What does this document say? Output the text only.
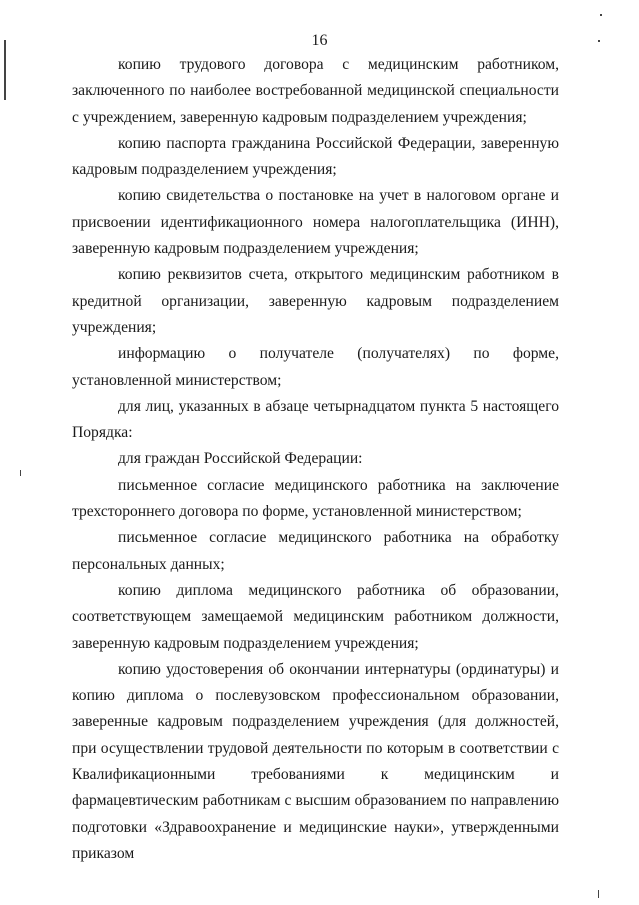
16

копию трудового договора с медицинским работником, заключенного по наиболее востребованной медицинской специальности с учреждением, заверенную кадровым подразделением учреждения;

копию паспорта гражданина Российской Федерации, заверенную кадровым подразделением учреждения;

копию свидетельства о постановке на учет в налоговом органе и присвоении идентификационного номера налогоплательщика (ИНН), заверенную кадровым подразделением учреждения;

копию реквизитов счета, открытого медицинским работником в кредитной организации, заверенную кадровым подразделением учреждения;

информацию о получателе (получателях) по форме, установленной министерством;

для лиц, указанных в абзаце четырнадцатом пункта 5 настоящего Порядка:

для граждан Российской Федерации:

письменное согласие медицинского работника на заключение трехстороннего договора по форме, установленной министерством;

письменное согласие медицинского работника на обработку персональных данных;

копию диплома медицинского работника об образовании, соответствующем замещаемой медицинским работником должности, заверенную кадровым подразделением учреждения;

копию удостоверения об окончании интернатуры (ординатуры) и копию диплома о послевузовском профессиональном образовании, заверенные кадровым подразделением учреждения (для должностей, при осуществлении трудовой деятельности по которым в соответствии с Квалификационными требованиями к медицинским и фармацевтическим работникам с высшим образованием по направлению подготовки «Здравоохранение и медицинские науки», утвержденными приказом
